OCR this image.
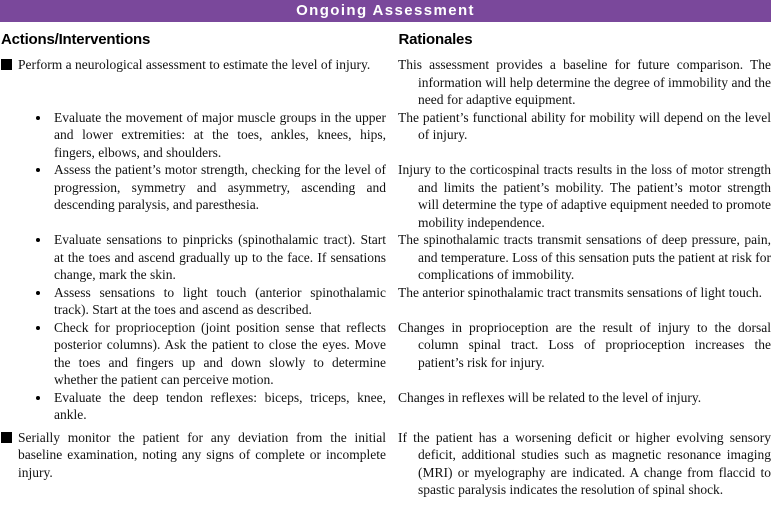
Ongoing Assessment
Actions/Interventions	Rationales
Perform a neurological assessment to estimate the level of injury.	This assessment provides a baseline for future comparison. The information will help determine the degree of immobility and the need for adaptive equipment.
Evaluate the movement of major muscle groups in the upper and lower extremities: at the toes, ankles, knees, hips, fingers, elbows, and shoulders.
The patient’s functional ability for mobility will depend on the level of injury.
Assess the patient’s motor strength, checking for the level of progression, symmetry and asymmetry, ascending and descending paralysis, and paresthesia.
Injury to the corticospinal tracts results in the loss of motor strength and limits the patient’s mobility. The patient’s motor strength will determine the type of adaptive equipment needed to promote mobility independence.
Evaluate sensations to pinpricks (spinothalamic tract). Start at the toes and ascend gradually up to the face. If sensations change, mark the skin.
The spinothalamic tracts transmit sensations of deep pressure, pain, and temperature. Loss of this sensation puts the patient at risk for complications of immobility.
Assess sensations to light touch (anterior spinothalamic track). Start at the toes and ascend as described.
The anterior spinothalamic tract transmits sensations of light touch.
Check for proprioception (joint position sense that reflects posterior columns). Ask the patient to close the eyes. Move the toes and fingers up and down slowly to determine whether the patient can perceive motion.
Changes in proprioception are the result of injury to the dorsal column spinal tract. Loss of proprioception increases the patient’s risk for injury.
Evaluate the deep tendon reflexes: biceps, triceps, knee, ankle.
Changes in reflexes will be related to the level of injury.
Serially monitor the patient for any deviation from the initial baseline examination, noting any signs of complete or incomplete injury.
If the patient has a worsening deficit or higher evolving sensory deficit, additional studies such as magnetic resonance imaging (MRI) or myelography are indicated. A change from flaccid to spastic paralysis indicates the resolution of spinal shock.
